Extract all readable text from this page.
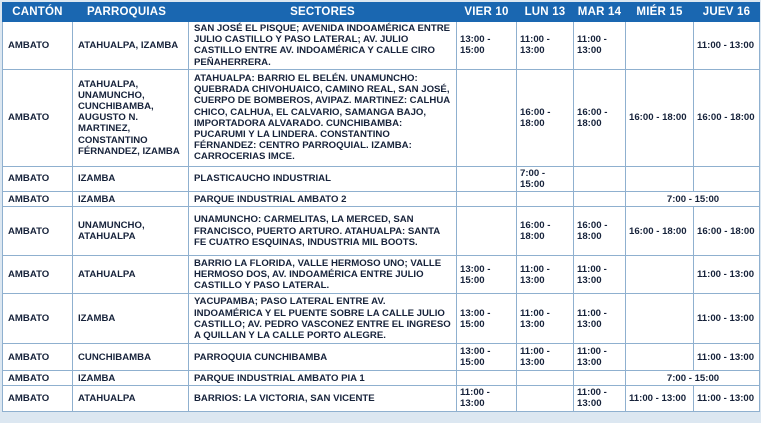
CANTÓN	PARROQUIAS	SECTORES	VIER 10	LUN 13	MAR 14	MIÉR 15	JUEV 16
AMBATO	ATAHUALPA, IZAMBA	SAN JOSÉ EL PISQUE; AVENIDA INDOAMÉRICA ENTRE JULIO CASTILLO Y PASO LATERAL; AV. JULIO CASTILLO ENTRE AV. INDOAMÉRICA Y CALLE CIRO PEÑAHERRERA.	13:00 - 15:00	11:00 - 13:00	11:00 - 13:00		11:00 - 13:00
AMBATO	ATAHUALPA, UNAMUNCHO, CUNCHIBAMBA, AUGUSTO N. MARTINEZ, CONSTANTINO FÉRNANDEZ, IZAMBA	ATAHUALPA: BARRIO EL BELÉN. UNAMUNCHO: QUEBRADA CHIVOHUAICO, CAMINO REAL, SAN JOSÉ, CUERPO DE BOMBEROS, AVIPAZ. MARTINEZ: CALHUA CHICO, CALHUA, EL CALVARIO, SAMANGA BAJO, IMPORTADORA ALVARADO. CUNCHIBAMBA: PUCARUMI Y LA LINDERA. CONSTANTINO FÉRNANDEZ: CENTRO PARROQUIAL. IZAMBA: CARROCERIAS IMCE.		16:00 - 18:00	16:00 - 18:00	16:00 - 18:00	16:00 - 18:00
AMBATO	IZAMBA	PLASTICAUCHO INDUSTRIAL		7:00 - 15:00			
AMBATO	IZAMBA	PARQUE INDUSTRIAL AMBATO 2				7:00 - 15:00	
AMBATO	UNAMUNCHO, ATAHUALPA	UNAMUNCHO: CARMELITAS, LA MERCED, SAN FRANCISCO, PUERTO ARTURO. ATAHUALPA: SANTA FE CUATRO ESQUINAS, INDUSTRIA MIL BOOTS.		16:00 - 18:00	16:00 - 18:00	16:00 - 18:00	16:00 - 18:00
AMBATO	ATAHUALPA	BARRIO LA FLORIDA, VALLE HERMOSO UNO; VALLE HERMOSO DOS, AV. INDOAMÉRICA ENTRE JULIO CASTILLO Y PASO LATERAL.	13:00 - 15:00	11:00 - 13:00	11:00 - 13:00		11:00 - 13:00
AMBATO	IZAMBA	YACUPAMBA; PASO LATERAL ENTRE AV. INDOAMÉRICA Y EL PUENTE SOBRE LA CALLE JULIO CASTILLO; AV. PEDRO VASCONEZ ENTRE EL INGRESO A QUILLAN Y LA CALLE PORTO ALEGRE.	13:00 - 15:00	11:00 - 13:00	11:00 - 13:00		11:00 - 13:00
AMBATO	CUNCHIBAMBA	PARROQUIA CUNCHIBAMBA	13:00 - 15:00	11:00 - 13:00	11:00 - 13:00		11:00 - 13:00
AMBATO	IZAMBA	PARQUE INDUSTRIAL AMBATO PIA 1				7:00 - 15:00	
AMBATO	ATAHUALPA	BARRIOS: LA VICTORIA, SAN VICENTE	11:00 - 13:00		11:00 - 13:00	11:00 - 13:00	11:00 - 13:00
